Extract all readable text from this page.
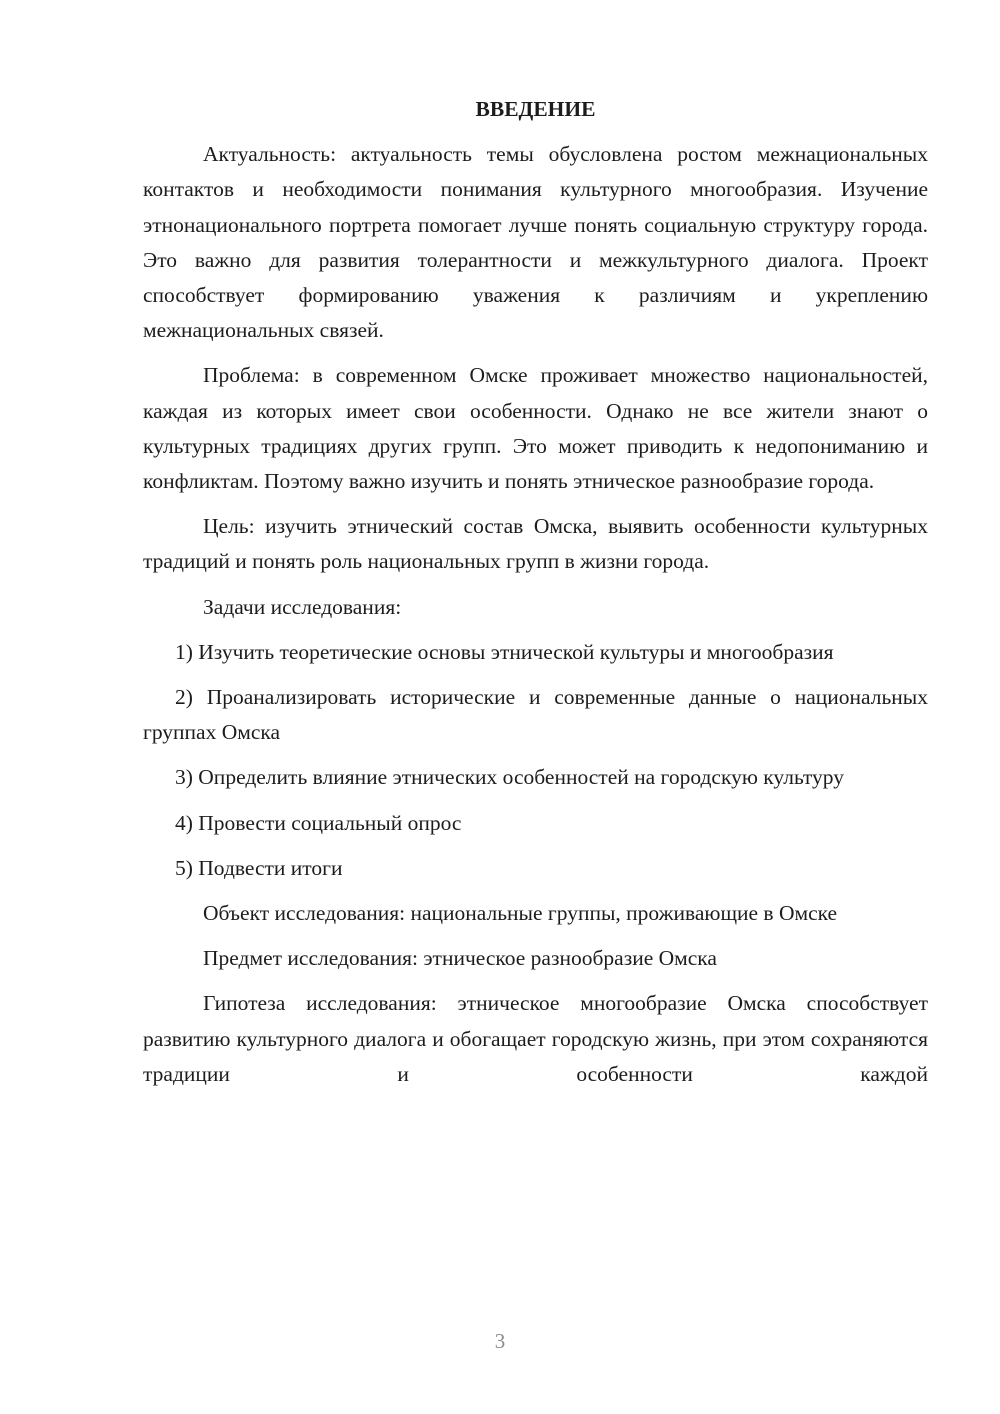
ВВЕДЕНИЕ

Актуальность: актуальность темы обусловлена ростом межнациональных контактов и необходимости понимания культурного многообразия. Изучение этнонационального портрета помогает лучше понять социальную структуру города. Это важно для развития толерантности и межкультурного диалога. Проект способствует формированию уважения к различиям и укреплению межнациональных связей.

Проблема: в современном Омске проживает множество национальностей, каждая из которых имеет свои особенности. Однако не все жители знают о культурных традициях других групп. Это может приводить к недопониманию и конфликтам. Поэтому важно изучить и понять этническое разнообразие города.

Цель: изучить этнический состав Омска, выявить особенности культурных традиций и понять роль национальных групп в жизни города.

Задачи исследования:

1) Изучить теоретические основы этнической культуры и многообразия

2) Проанализировать исторические и современные данные о национальных группах Омска

3) Определить влияние этнических особенностей на городскую культуру

4) Провести социальный опрос

5) Подвести итоги

Объект исследования: национальные группы, проживающие в Омске

Предмет исследования: этническое разнообразие Омска

Гипотеза исследования: этническое многообразие Омска способствует развитию культурного диалога и обогащает городскую жизнь, при этом сохраняются традиции и особенности каждой

3
